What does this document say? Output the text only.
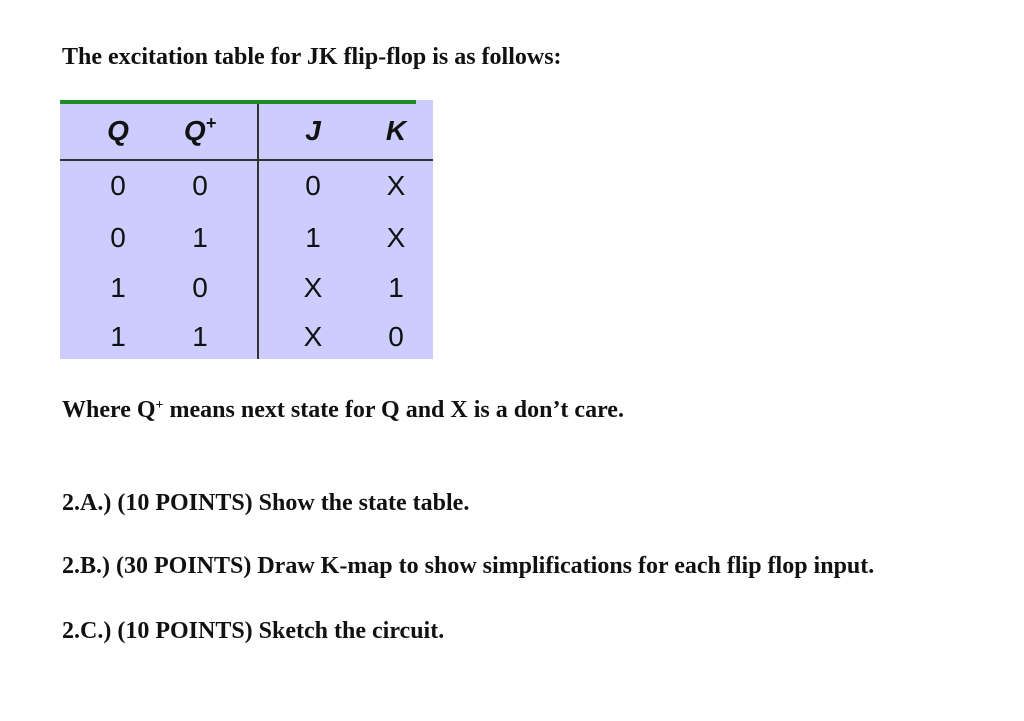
The excitation table for JK flip-flop is as follows:
Q	Q+	J	K
0	0	0	X
0	1	1	X
1	0	X	1
1	1	X	0
Where Q+ means next state for Q and X is a don’t care.
2.A.) (10 POINTS) Show the state table.
2.B.) (30 POINTS) Draw K-map to show simplifications for each flip flop input.
2.C.) (10 POINTS) Sketch the circuit.
